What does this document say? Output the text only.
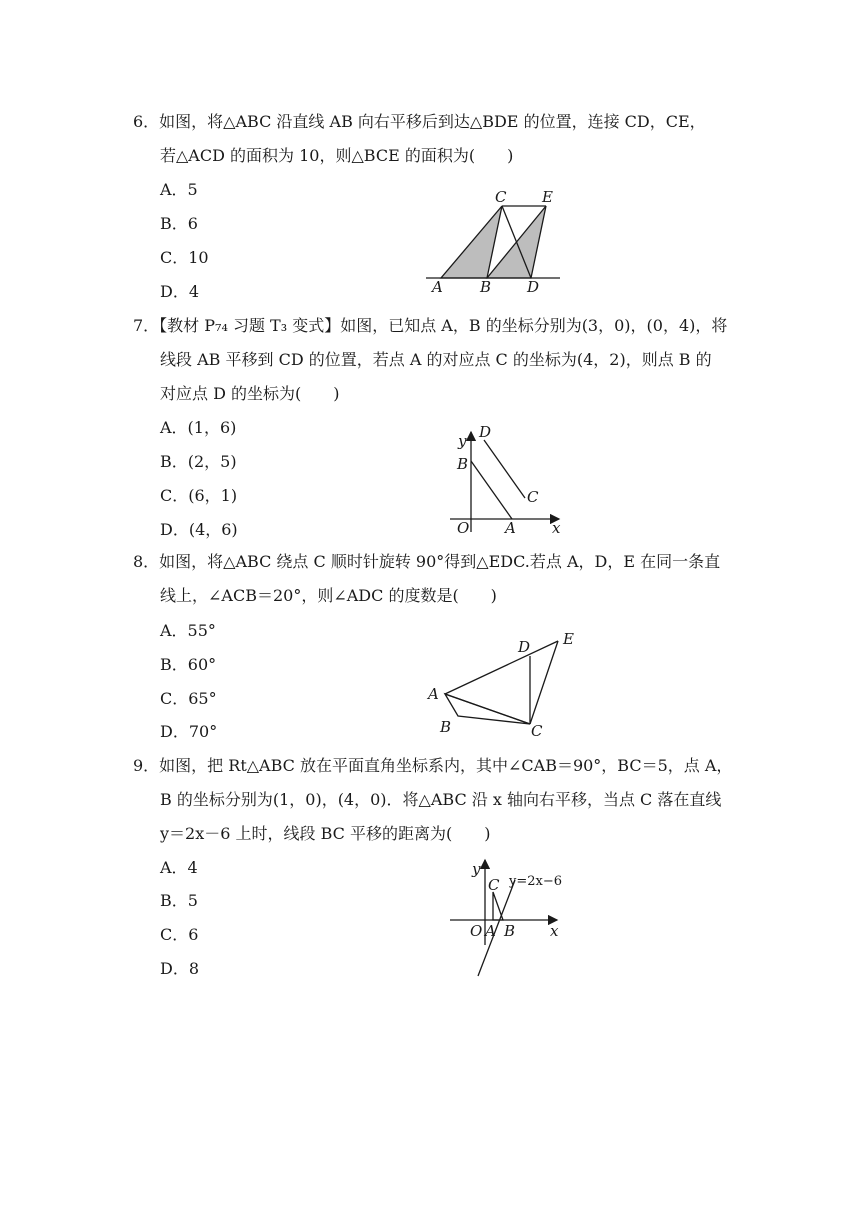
6．如图，将△ABC 沿直线 AB 向右平移后到达△BDE 的位置，连接 CD，CE，
若△ACD 的面积为 10，则△BCE 的面积为(　　)
A．5
B．6
C．10
D．4	A B
C
D
E
7．【教材 P₇₄ 习题 T₃ 变式】如图，已知点 A，B 的坐标分别为(3，0)，(0，4)，将
线段 AB 平移到 CD 的位置，若点 A 的对应点 C 的坐标为(4，2)，则点 B 的
对应点 D 的坐标为(　　)
A．(1，6)
B．(2，5)
C．(6，1)
D．(4，6)
y D
B
C
O A x
8．如图，将△ABC 绕点 C 顺时针旋转 90°得到△EDC.若点 A，D，E 在同一条直
线上，∠ACB＝20°，则∠ADC 的度数是(　　)
A．55°
B．60°
C．65°
D．70°
D E
A
B	C
9．如图，把 Rt△ABC 放在平面直角坐标系内，其中∠CAB＝90°，BC＝5，点 A，
B 的坐标分别为(1，0)，(4，0)．将△ABC 沿 x 轴向右平移，当点 C 落在直线
y＝2x－6 上时，线段 BC 平移的距离为(　　)
A．4
B．5
C．6
D．8
y
C y=2x−6
O A B x
